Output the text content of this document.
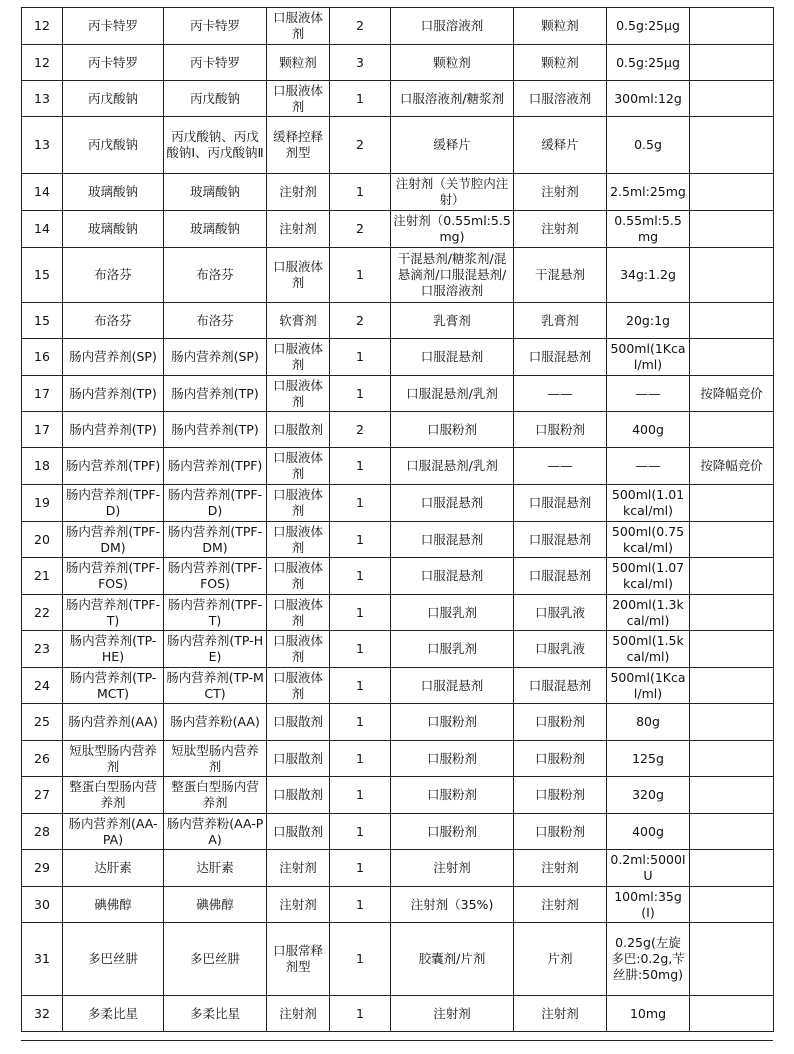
12	丙卡特罗	丙卡特罗	口服液体剂	2	口服溶液剂	颗粒剂	0.5g:25μg	
12	丙卡特罗	丙卡特罗	颗粒剂	3	颗粒剂	颗粒剂	0.5g:25μg	
13	丙戊酸钠	丙戊酸钠	口服液体剂	1	口服溶液剂/糖浆剂	口服溶液剂	300ml:12g	
13	丙戊酸钠	丙戊酸钠、丙戊酸钠Ⅰ、丙戊酸钠Ⅱ	缓释控释剂型	2	缓释片	缓释片	0.5g	
14	玻璃酸钠	玻璃酸钠	注射剂	1	注射剂（关节腔内注射）	注射剂	2.5ml:25mg	
14	玻璃酸钠	玻璃酸钠	注射剂	2	注射剂（0.55ml:5.5mg)	注射剂	0.55ml:5.5mg	
15	布洛芬	布洛芬	口服液体剂	1	干混悬剂/糖浆剂/混悬滴剂/口服混悬剂/口服溶液剂	干混悬剂	34g:1.2g	
15	布洛芬	布洛芬	软膏剂	2	乳膏剂	乳膏剂	20g:1g	
16	肠内营养剂(SP)	肠内营养剂(SP)	口服液体剂	1	口服混悬剂	口服混悬剂	500ml(1Kcal/ml)	
17	肠内营养剂(TP)	肠内营养剂(TP)	口服液体剂	1	口服混悬剂/乳剂	——	——	按降幅竞价
17	肠内营养剂(TP)	肠内营养剂(TP)	口服散剂	2	口服粉剂	口服粉剂	400g	
18	肠内营养剂(TPF)	肠内营养剂(TPF)	口服液体剂	1	口服混悬剂/乳剂	——	——	按降幅竞价
19	肠内营养剂(TPF-D)	肠内营养剂(TPF-D)	口服液体剂	1	口服混悬剂	口服混悬剂	500ml(1.01kcal/ml)	
20	肠内营养剂(TPF-DM)	肠内营养剂(TPF-DM)	口服液体剂	1	口服混悬剂	口服混悬剂	500ml(0.75kcal/ml)	
21	肠内营养剂(TPF-FOS)	肠内营养剂(TPF-FOS)	口服液体剂	1	口服混悬剂	口服混悬剂	500ml(1.07kcal/ml)	
22	肠内营养剂(TPF-T)	肠内营养剂(TPF-T)	口服液体剂	1	口服乳剂	口服乳液	200ml(1.3kcal/ml)	
23	肠内营养剂(TP-HE)	肠内营养剂(TP-HE)	口服液体剂	1	口服乳剂	口服乳液	500ml(1.5kcal/ml)	
24	肠内营养剂(TP-MCT)	肠内营养剂(TP-MCT)	口服液体剂	1	口服混悬剂	口服混悬剂	500ml(1Kcal/ml)	
25	肠内营养剂(AA)	肠内营养粉(AA)	口服散剂	1	口服粉剂	口服粉剂	80g	
26	短肽型肠内营养剂	短肽型肠内营养剂	口服散剂	1	口服粉剂	口服粉剂	125g	
27	整蛋白型肠内营养剂	整蛋白型肠内营养剂	口服散剂	1	口服粉剂	口服粉剂	320g	
28	肠内营养剂(AA-PA)	肠内营养粉(AA-PA)	口服散剂	1	口服粉剂	口服粉剂	400g	
29	达肝素	达肝素	注射剂	1	注射剂	注射剂	0.2ml:5000IU	
30	碘佛醇	碘佛醇	注射剂	1	注射剂（35%)	注射剂	100ml:35g(I)	
31	多巴丝肼	多巴丝肼	口服常释剂型	1	胶囊剂/片剂	片剂	0.25g(左旋多巴:0.2g,苄丝肼:50mg)	
32	多柔比星	多柔比星	注射剂	1	注射剂	注射剂	10mg	
